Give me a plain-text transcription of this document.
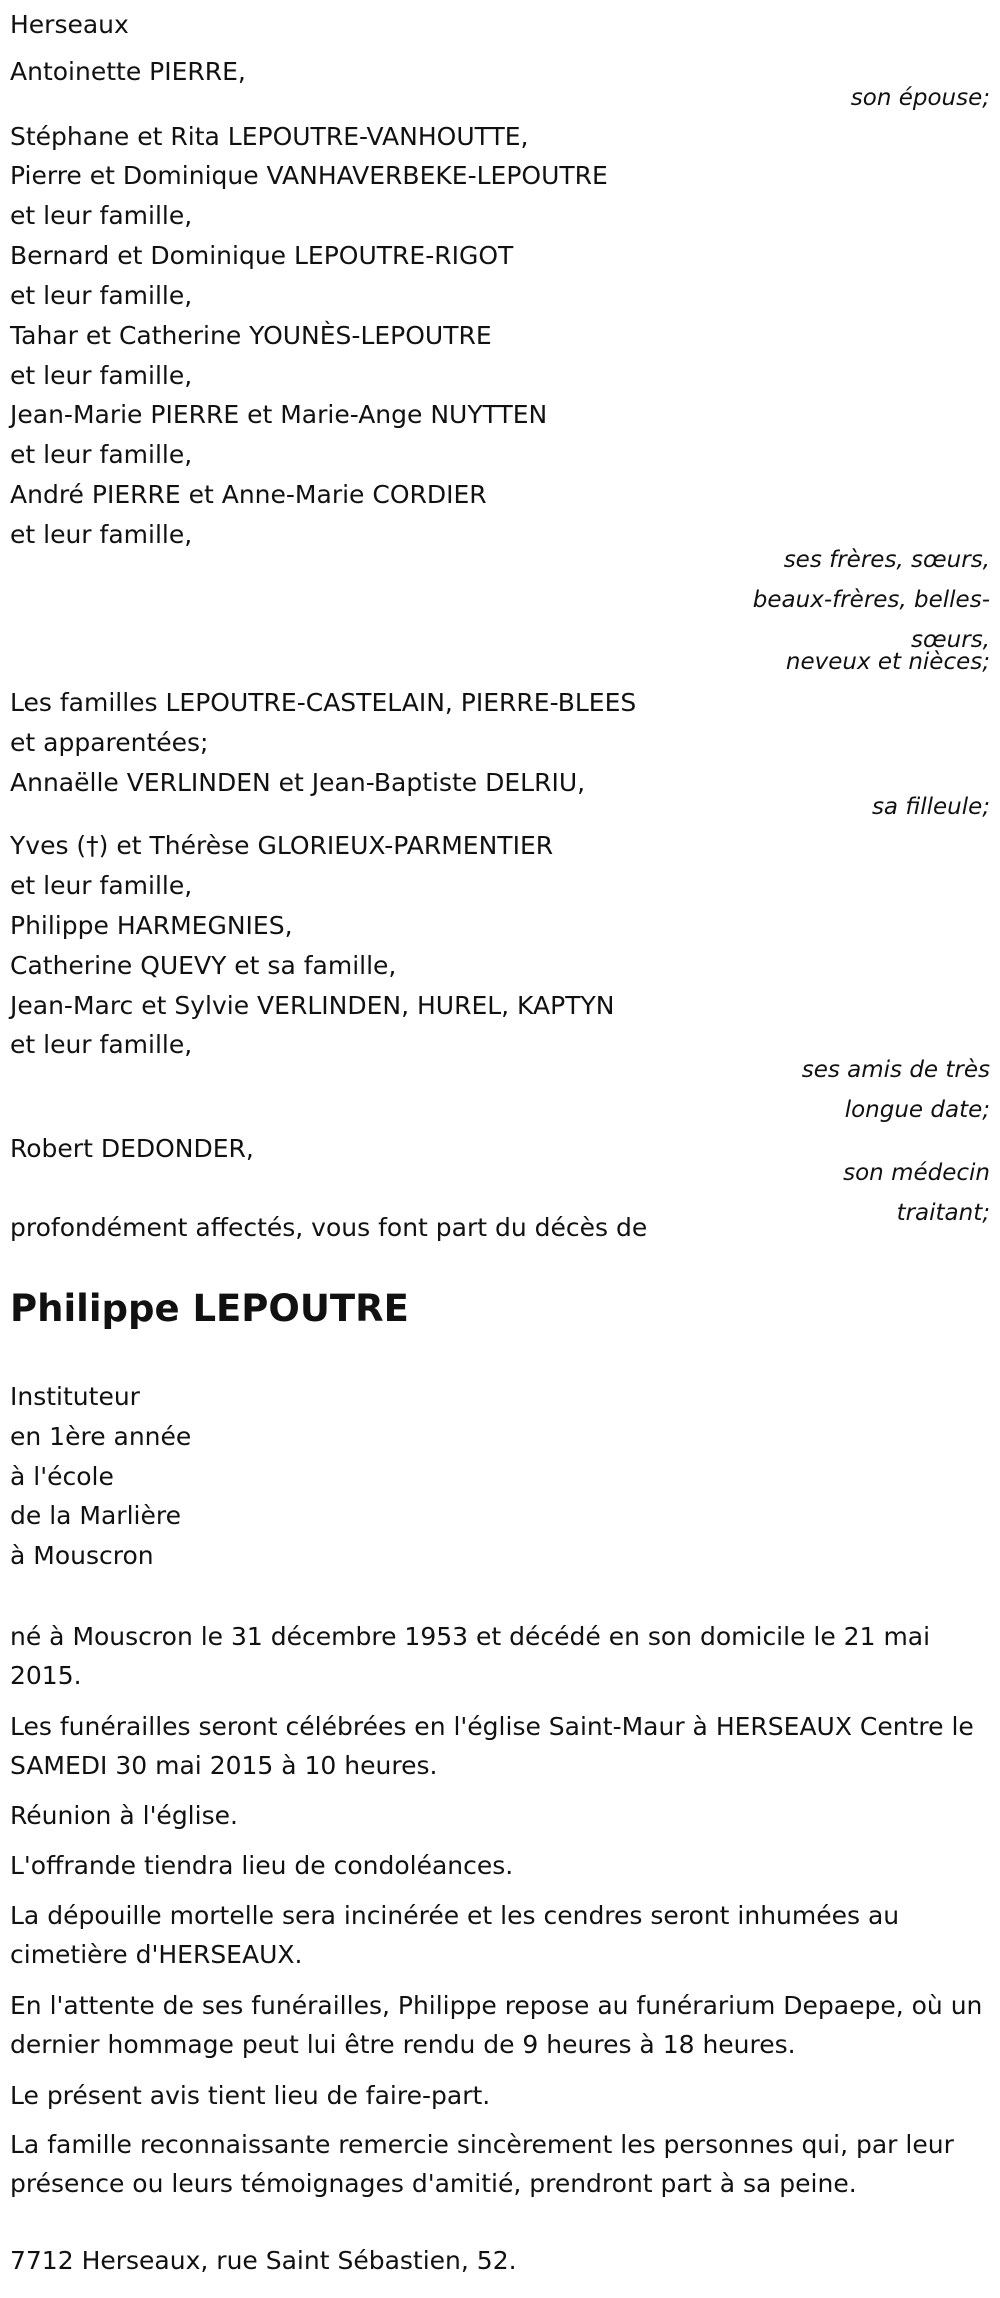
Herseaux
Antoinette PIERRE,
son épouse;
Stéphane et Rita LEPOUTRE-VANHOUTTE,
Pierre et Dominique VANHAVERBEKE-LEPOUTRE
et leur famille,
Bernard et Dominique LEPOUTRE-RIGOT
et leur famille,
Tahar et Catherine YOUNÈS-LEPOUTRE
et leur famille,
Jean-Marie PIERRE et Marie-Ange NUYTTEN
et leur famille,
André PIERRE et Anne-Marie CORDIER
et leur famille,
ses frères, sœurs,
beaux-frères, belles-
sœurs,
neveux et nièces;
Les familles LEPOUTRE-CASTELAIN, PIERRE-BLEES
et apparentées;
Annaëlle VERLINDEN et Jean-Baptiste DELRIU,
sa filleule;
Yves (†) et Thérèse GLORIEUX-PARMENTIER
et leur famille,
Philippe HARMEGNIES,
Catherine QUEVY et sa famille,
Jean-Marc et Sylvie VERLINDEN, HUREL, KAPTYN
et leur famille,
ses amis de très
longue date;
Robert DEDONDER,
son médecin
traitant;
profondément affectés, vous font part du décès de
Philippe LEPOUTRE
Instituteur
en 1ère année
à l'école
de la Marlière
à Mouscron
né à Mouscron le 31 décembre 1953 et décédé en son domicile le 21 mai 2015.
Les funérailles seront célébrées en l'église Saint-Maur à HERSEAUX Centre le SAMEDI 30 mai 2015 à 10 heures.
Réunion à l'église.
L'offrande tiendra lieu de condoléances.
La dépouille mortelle sera incinérée et les cendres seront inhumées au cimetière d'HERSEAUX.
En l'attente de ses funérailles, Philippe repose au funérarium Depaepe, où un dernier hommage peut lui être rendu de 9 heures à 18 heures.
Le présent avis tient lieu de faire-part.
La famille reconnaissante remercie sincèrement les personnes qui, par leur présence ou leurs témoignages d'amitié, prendront part à sa peine.
7712 Herseaux, rue Saint Sébastien, 52.
